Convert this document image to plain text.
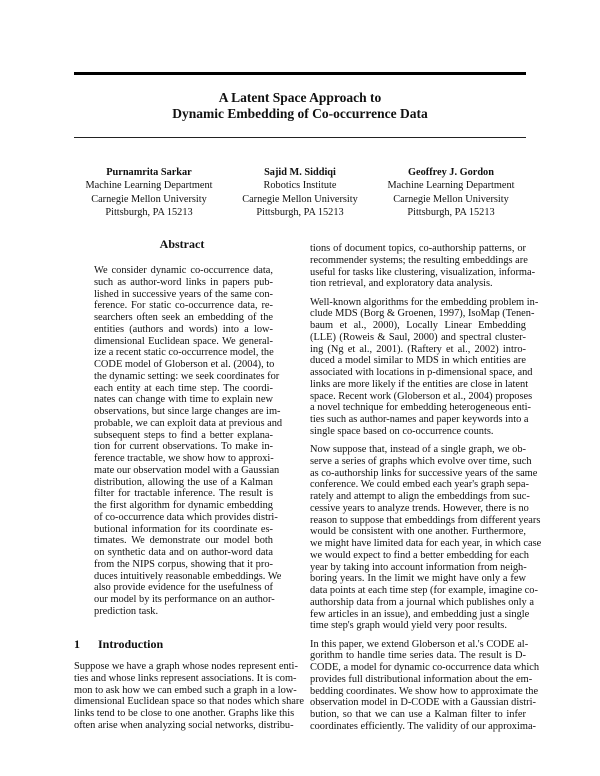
A Latent Space Approach to
Dynamic Embedding of Co-occurrence Data
Purnamrita Sarkar
Machine Learning Department
Carnegie Mellon University
Pittsburgh, PA 15213
Sajid M. Siddiqi
Robotics Institute
Carnegie Mellon University
Pittsburgh, PA 15213
Geoffrey J. Gordon
Machine Learning Department
Carnegie Mellon University
Pittsburgh, PA 15213
Abstract
We consider dynamic co-occurrence data,
such as author-word links in papers pub-
lished in successive years of the same con-
ference. For static co-occurrence data, re-
searchers often seek an embedding of the
entities (authors and words) into a low-
dimensional Euclidean space. We general-
ize a recent static co-occurrence model, the
CODE model of Globerson et al. (2004), to
the dynamic setting: we seek coordinates for
each entity at each time step. The coordi-
nates can change with time to explain new
observations, but since large changes are im-
probable, we can exploit data at previous and
subsequent steps to find a better explana-
tion for current observations. To make in-
ference tractable, we show how to approxi-
mate our observation model with a Gaussian
distribution, allowing the use of a Kalman
filter for tractable inference. The result is
the first algorithm for dynamic embedding
of co-occurrence data which provides distri-
butional information for its coordinate es-
timates. We demonstrate our model both
on synthetic data and on author-word data
from the NIPS corpus, showing that it pro-
duces intuitively reasonable embeddings. We
also provide evidence for the usefulness of
our model by its performance on an author-
prediction task.
1 Introduction
Suppose we have a graph whose nodes represent enti-
ties and whose links represent associations. It is com-
mon to ask how we can embed such a graph in a low-
dimensional Euclidean space so that nodes which share
links tend to be close to one another. Graphs like this
often arise when analyzing social networks, distribu-
tions of document topics, co-authorship patterns, or
recommender systems; the resulting embeddings are
useful for tasks like clustering, visualization, informa-
tion retrieval, and exploratory data analysis.
Well-known algorithms for the embedding problem in-
clude MDS (Borg & Groenen, 1997), IsoMap (Tenen-
baum et al., 2000), Locally Linear Embedding
(LLE) (Roweis & Saul, 2000) and spectral cluster-
ing (Ng et al., 2001). (Raftery et al., 2002) intro-
duced a model similar to MDS in which entities are
associated with locations in p-dimensional space, and
links are more likely if the entities are close in latent
space. Recent work (Globerson et al., 2004) proposes
a novel technique for embedding heterogeneous enti-
ties such as author-names and paper keywords into a
single space based on co-occurrence counts.
Now suppose that, instead of a single graph, we ob-
serve a series of graphs which evolve over time, such
as co-authorship links for successive years of the same
conference. We could embed each year's graph sepa-
rately and attempt to align the embeddings from suc-
cessive years to analyze trends. However, there is no
reason to suppose that embeddings from different years
would be consistent with one another. Furthermore,
we might have limited data for each year, in which case
we would expect to find a better embedding for each
year by taking into account information from neigh-
boring years. In the limit we might have only a few
data points at each time step (for example, imagine co-
authorship data from a journal which publishes only a
few articles in an issue), and embedding just a single
time step's graph would yield very poor results.
In this paper, we extend Globerson et al.'s CODE al-
gorithm to handle time series data. The result is D-
CODE, a model for dynamic co-occurrence data which
provides full distributional information about the em-
bedding coordinates. We show how to approximate the
observation model in D-CODE with a Gaussian distri-
bution, so that we can use a Kalman filter to infer
coordinates efficiently. The validity of our approxima-
